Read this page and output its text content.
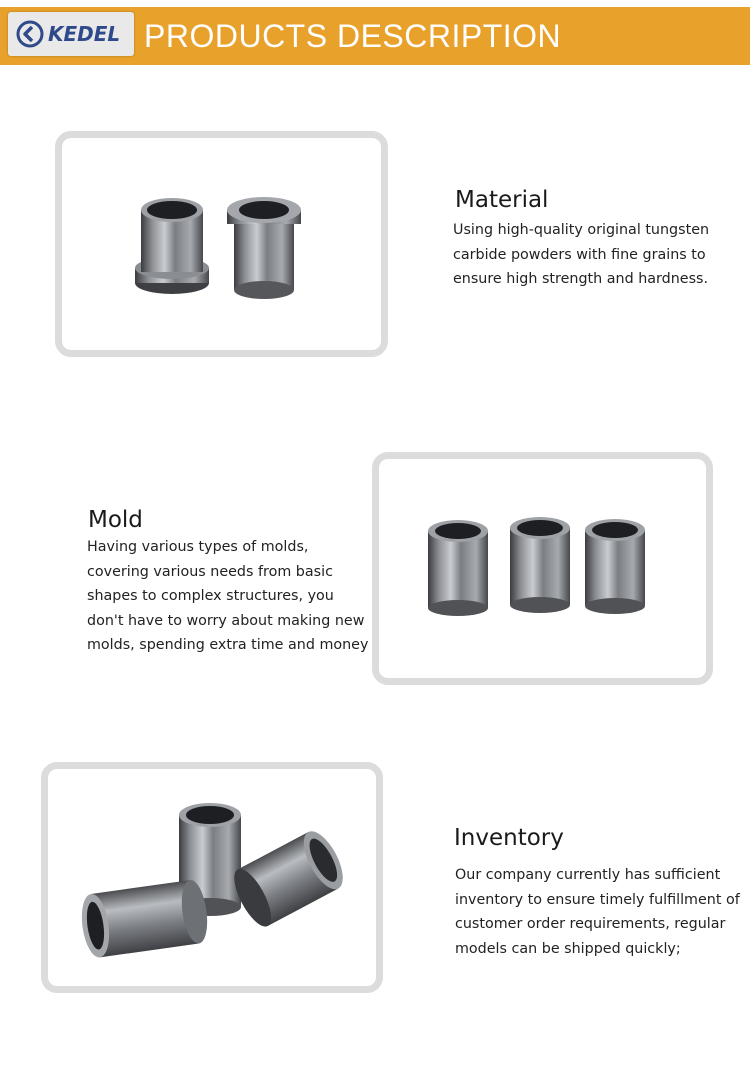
KEDEL PRODUCTS DESCRIPTION
Material
Using high-quality original tungsten
carbide powders with fine grains to
ensure high strength and hardness.
Mold
Having various types of molds,
covering various needs from basic
shapes to complex structures, you
don't have to worry about making new
molds, spending extra time and money
Inventory
Our company currently has sufficient
inventory to ensure timely fulfillment of
customer order requirements, regular
models can be shipped quickly;
